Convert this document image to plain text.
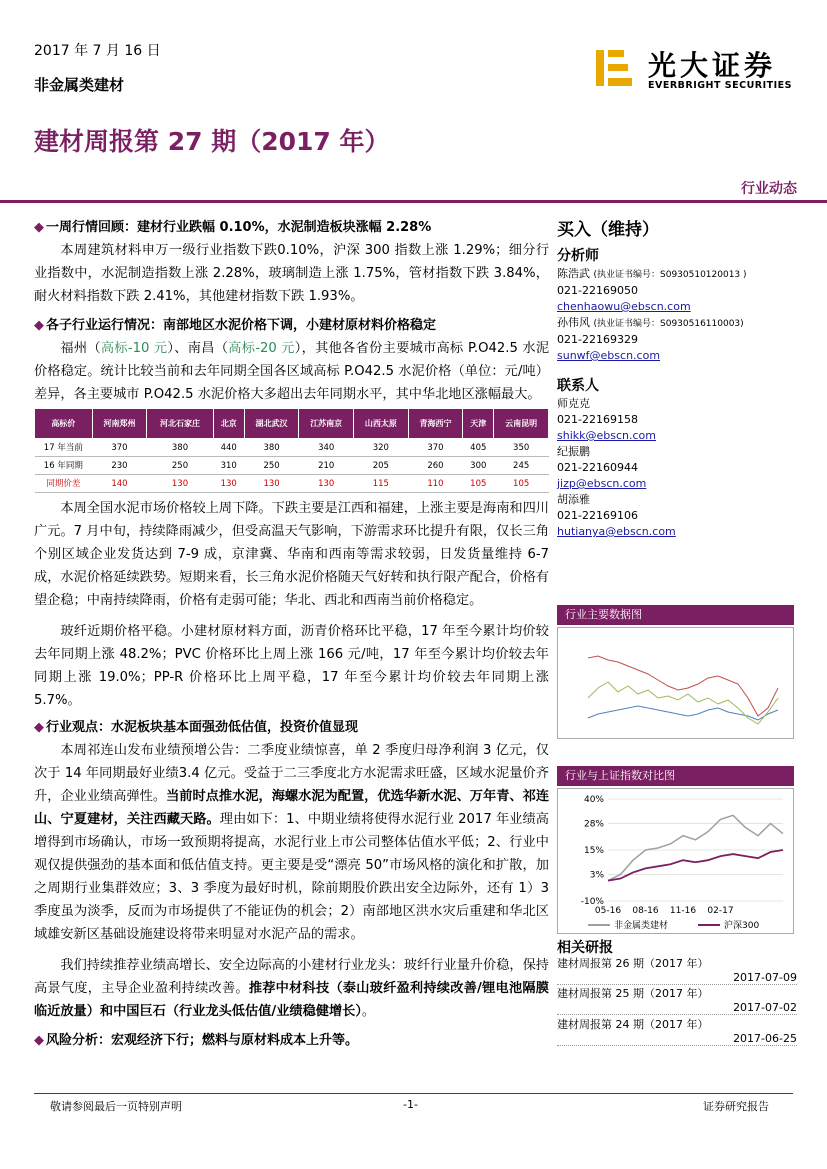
2017 年 7 月 16 日
非金属类建材
光大证券
EVERBRIGHT SECURITIES
建材周报第 27 期（2017 年）
行业动态
◆ 一周行情回顾：建材行业跌幅 0.10%，水泥制造板块涨幅 2.28%

本周建筑材料申万一级行业指数下跌0.10%，沪深 300 指数上涨 1.29%；细分行业指数中，水泥制造指数上涨 2.28%，玻璃制造上涨 1.75%，管材指数下跌 3.84%，耐火材料指数下跌 2.41%，其他建材指数下跌 1.93%。

◆ 各子行业运行情况：南部地区水泥价格下调，小建材原材料价格稳定

福州（高标-10 元）、南昌（高标-20 元），其他各省份主要城市高标 P.O42.5 水泥价格稳定。统计比较当前和去年同期全国各区域高标 P.O42.5 水泥价格（单位：元/吨）差异，各主要城市 P.O42.5 水泥价格大多超出去年同期水平，其中华北地区涨幅最大。

高标价	河南郑州	河北石家庄	北京	湖北武汉	江苏南京	山西太原	青海西宁	天津	云南昆明
17 年当前	370	380	440	380	340	320	370	405	350
16 年同期	230	250	310	250	210	205	260	300	245
同期价差	140	130	130	130	130	115	110	105	105

本周全国水泥市场价格较上周下降。下跌主要是江西和福建，上涨主要是海南和四川广元。7 月中旬，持续降雨减少，但受高温天气影响，下游需求环比提升有限，仅长三角个别区域企业发货达到 7-9 成，京津冀、华南和西南等需求较弱，日发货量维持 6-7 成，水泥价格延续跌势。短期来看，长三角水泥价格随天气好转和执行限产配合，价格有望企稳；中南持续降雨，价格有走弱可能；华北、西北和西南当前价格稳定。

玻纤近期价格平稳。小建材原材料方面，沥青价格环比平稳，17 年至今累计均价较去年同期上涨 48.2%；PVC 价格环比上周上涨 166 元/吨，17 年至今累计均价较去年同期上涨 19.0%；PP-R 价格环比上周平稳，17 年至今累计均价较去年同期上涨 5.7%。

◆ 行业观点：水泥板块基本面强劲低估值，投资价值显现

本周祁连山发布业绩预增公告：二季度业绩惊喜，单 2 季度归母净利润 3 亿元，仅次于 14 年同期最好业绩3.4 亿元。受益于二三季度北方水泥需求旺盛，区域水泥量价齐升，企业业绩高弹性。当前时点推水泥，海螺水泥为配置，优选华新水泥、万年青、祁连山、宁夏建材，关注西藏天路。理由如下：1、中期业绩将使得水泥行业 2017 年业绩高增得到市场确认，市场一致预期将提高，水泥行业上市公司整体估值水平低；2、行业中观仅提供强劲的基本面和低估值支持。更主要是受“漂亮 50”市场风格的演化和扩散，加之周期行业集群效应；3、3 季度为最好时机，除前期股价跌出安全边际外，还有 1）3 季度虽为淡季，反而为市场提供了不能证伪的机会；2）南部地区洪水灾后重建和华北区域雄安新区基础设施建设将带来明显对水泥产品的需求。

我们持续推荐业绩高增长、安全边际高的小建材行业龙头：玻纤行业量升价稳，保持高景气度，主导企业盈利持续改善。推荐中材科技（泰山玻纤盈利持续改善/锂电池隔膜临近放量）和中国巨石（行业龙头低估值/业绩稳健增长）。

◆ 风险分析：宏观经济下行；燃料与原材料成本上升等。
买入（维持）
分析师
陈浩武 (执业证书编号：S0930510120013 )
021-22169050
chenhaowu@ebscn.com
孙伟风 (执业证书编号：S0930516110003)
021-22169329
sunwf@ebscn.com
联系人
师克克
021-22169158
shikk@ebscn.com
纪振鹏
021-22160944
jizp@ebscn.com
胡添雅
021-22169106
hutianya@ebscn.com
行业主要数据图
行业与上证指数对比图
40%
28%
15%
3%
-10%
05-16 08-16 11-16 02-17
非金属类建材	沪深300
相关研报
建材周报第 26 期（2017 年）
2017-07-09
建材周报第 25 期（2017 年）
2017-07-02
建材周报第 24 期（2017 年）
2017-06-25
敬请参阅最后一页特别声明	-1-	证券研究报告
